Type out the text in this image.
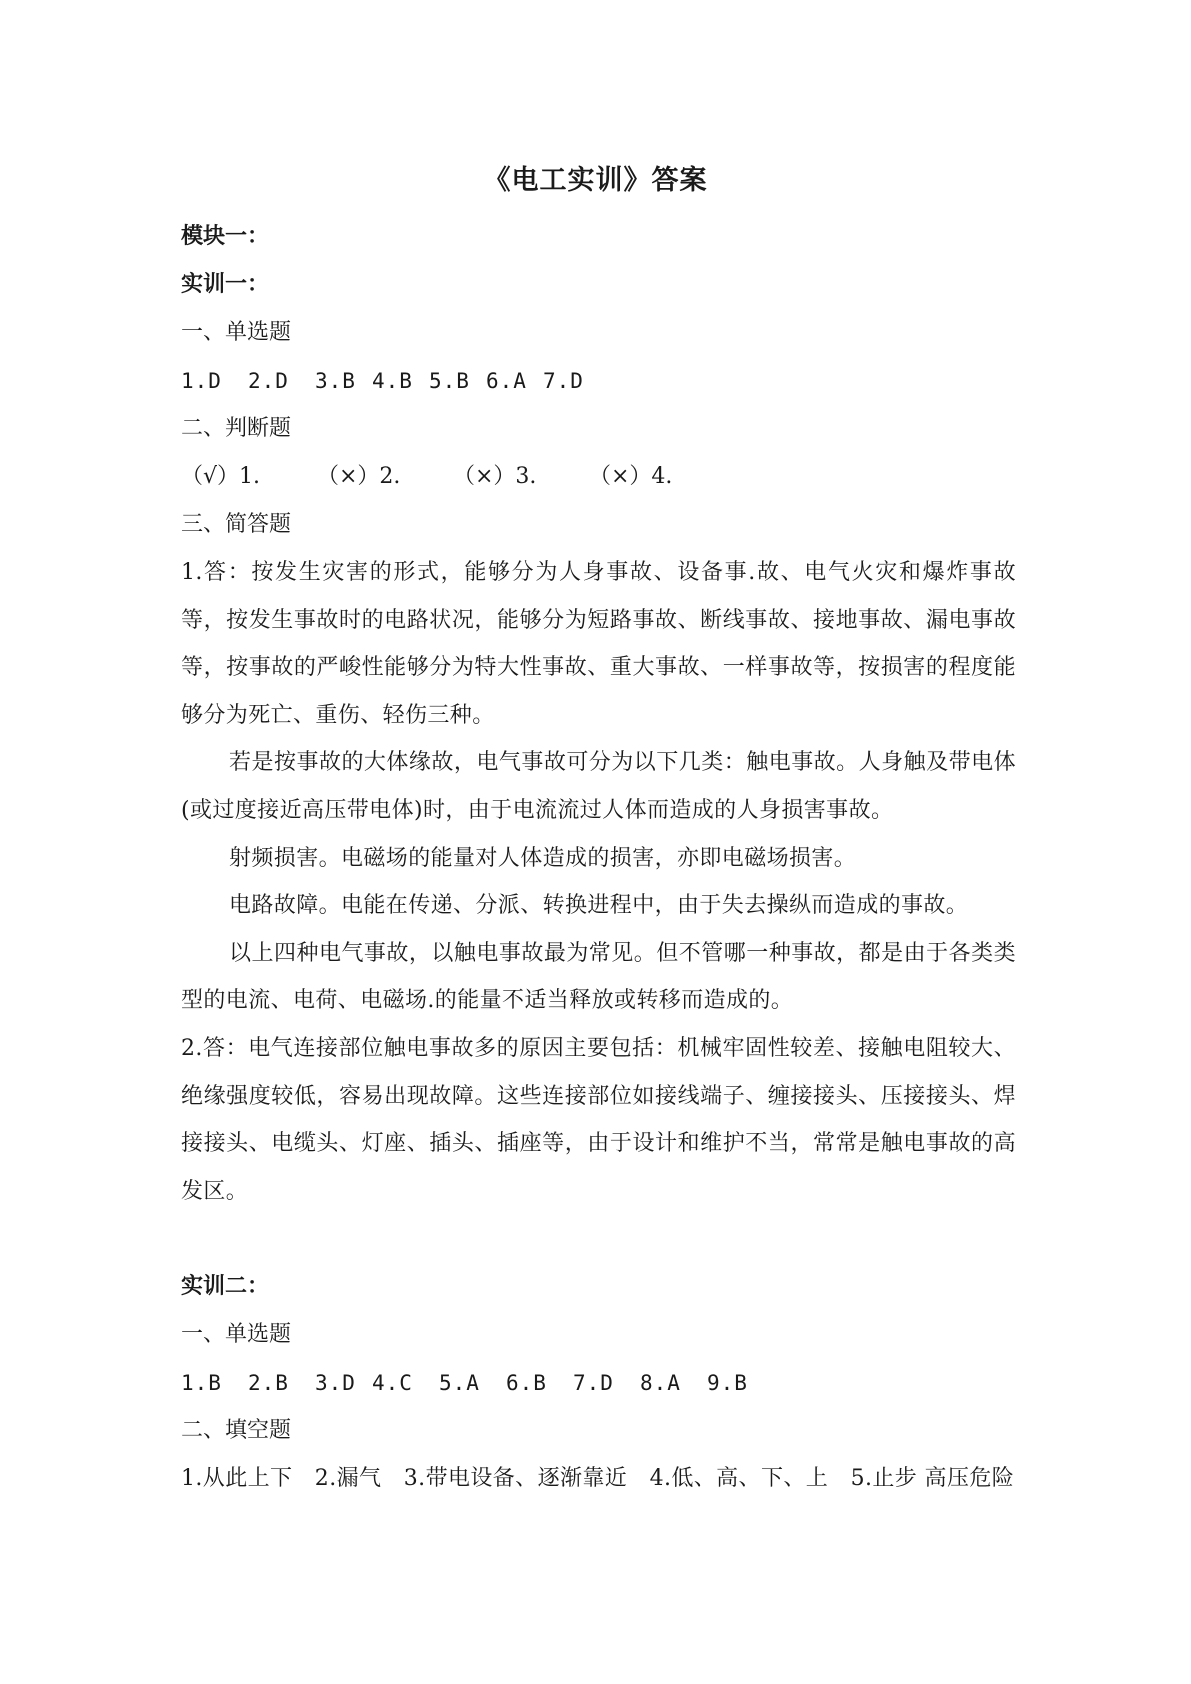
《电工实训》答案
模块一：
实训一：
一、单选题
1.D 2.D 3.B 4.B 5.B 6.A 7.D
二、判断题
（√）1.	（×）2. （×）3. （×）4.
三、简答题

1.答：按发生灾害的形式，能够分为人身事故、设备事.故、电气火灾和爆炸事故等，按发生事故时的电路状况，能够分为短路事故、断线事故、接地事故、漏电事故等，按事故的严峻性能够分为特大性事故、重大事故、一样事故等，按损害的程度能够分为死亡、重伤、轻伤三种。

若是按事故的大体缘故，电气事故可分为以下几类：触电事故。人身触及带电体(或过度接近高压带电体)时，由于电流流过人体而造成的人身损害事故。

射频损害。电磁场的能量对人体造成的损害，亦即电磁场损害。

电路故障。电能在传递、分派、转换进程中，由于失去操纵而造成的事故。

以上四种电气事故，以触电事故最为常见。但不管哪一种事故，都是由于各类类型的电流、电荷、电磁场.的能量不适当释放或转移而造成的。

2.答：电气连接部位触电事故多的原因主要包括：机械牢固性较差、接触电阻较大、绝缘强度较低，容易出现故障。这些连接部位如接线端子、缠接接头、压接接头、焊接接头、电缆头、灯座、插头、插座等，由于设计和维护不当，常常是触电事故的高发区。

实训二：
一、单选题
1.B 2.B 3.D 4.C 5.A 6.B 7.D 8.A 9.B
二、填空题

1.从此上下　2.漏气　3.带电设备、逐渐靠近　4.低、高、下、上　5.止步 高压危险
